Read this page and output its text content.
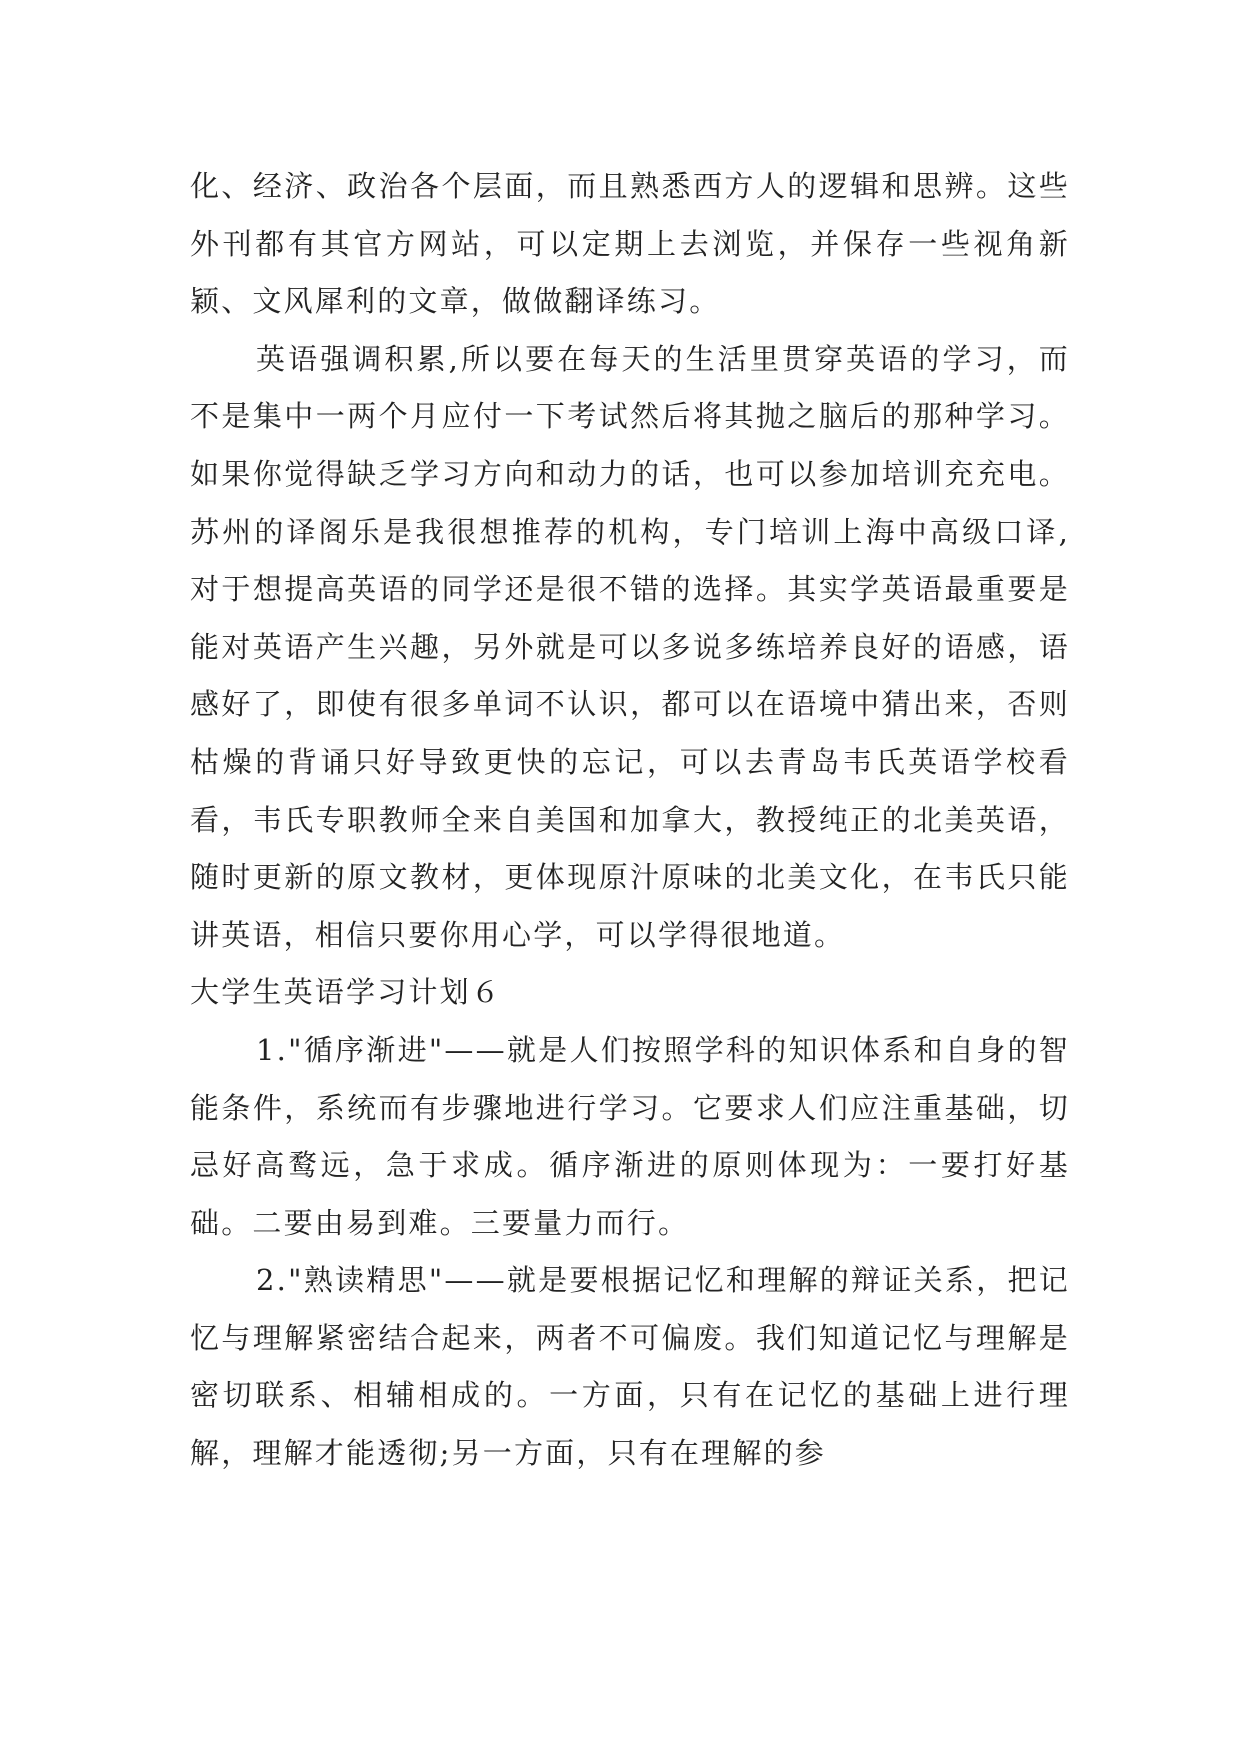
化、经济、政治各个层面，而且熟悉西方人的逻辑和思辨。这些外刊都有其官方网站，可以定期上去浏览，并保存一些视角新颖、文风犀利的文章，做做翻译练习。

英语强调积累,所以要在每天的生活里贯穿英语的学习，而不是集中一两个月应付一下考试然后将其抛之脑后的那种学习。如果你觉得缺乏学习方向和动力的话，也可以参加培训充充电。苏州的译阁乐是我很想推荐的机构，专门培训上海中高级口译,对于想提高英语的同学还是很不错的选择。其实学英语最重要是能对英语产生兴趣，另外就是可以多说多练培养良好的语感，语感好了，即使有很多单词不认识，都可以在语境中猜出来，否则枯燥的背诵只好导致更快的忘记，可以去青岛韦氏英语学校看看，韦氏专职教师全来自美国和加拿大，教授纯正的北美英语，随时更新的原文教材，更体现原汁原味的北美文化，在韦氏只能讲英语，相信只要你用心学，可以学得很地道。

大学生英语学习计划６

1."循序渐进"——就是人们按照学科的知识体系和自身的智能条件，系统而有步骤地进行学习。它要求人们应注重基础，切忌好高鹜远，急于求成。循序渐进的原则体现为：一要打好基础。二要由易到难。三要量力而行。

2."熟读精思"——就是要根据记忆和理解的辩证关系，把记忆与理解紧密结合起来，两者不可偏废。我们知道记忆与理解是密切联系、相辅相成的。一方面，只有在记忆的基础上进行理解，理解才能透彻;另一方面，只有在理解的参
